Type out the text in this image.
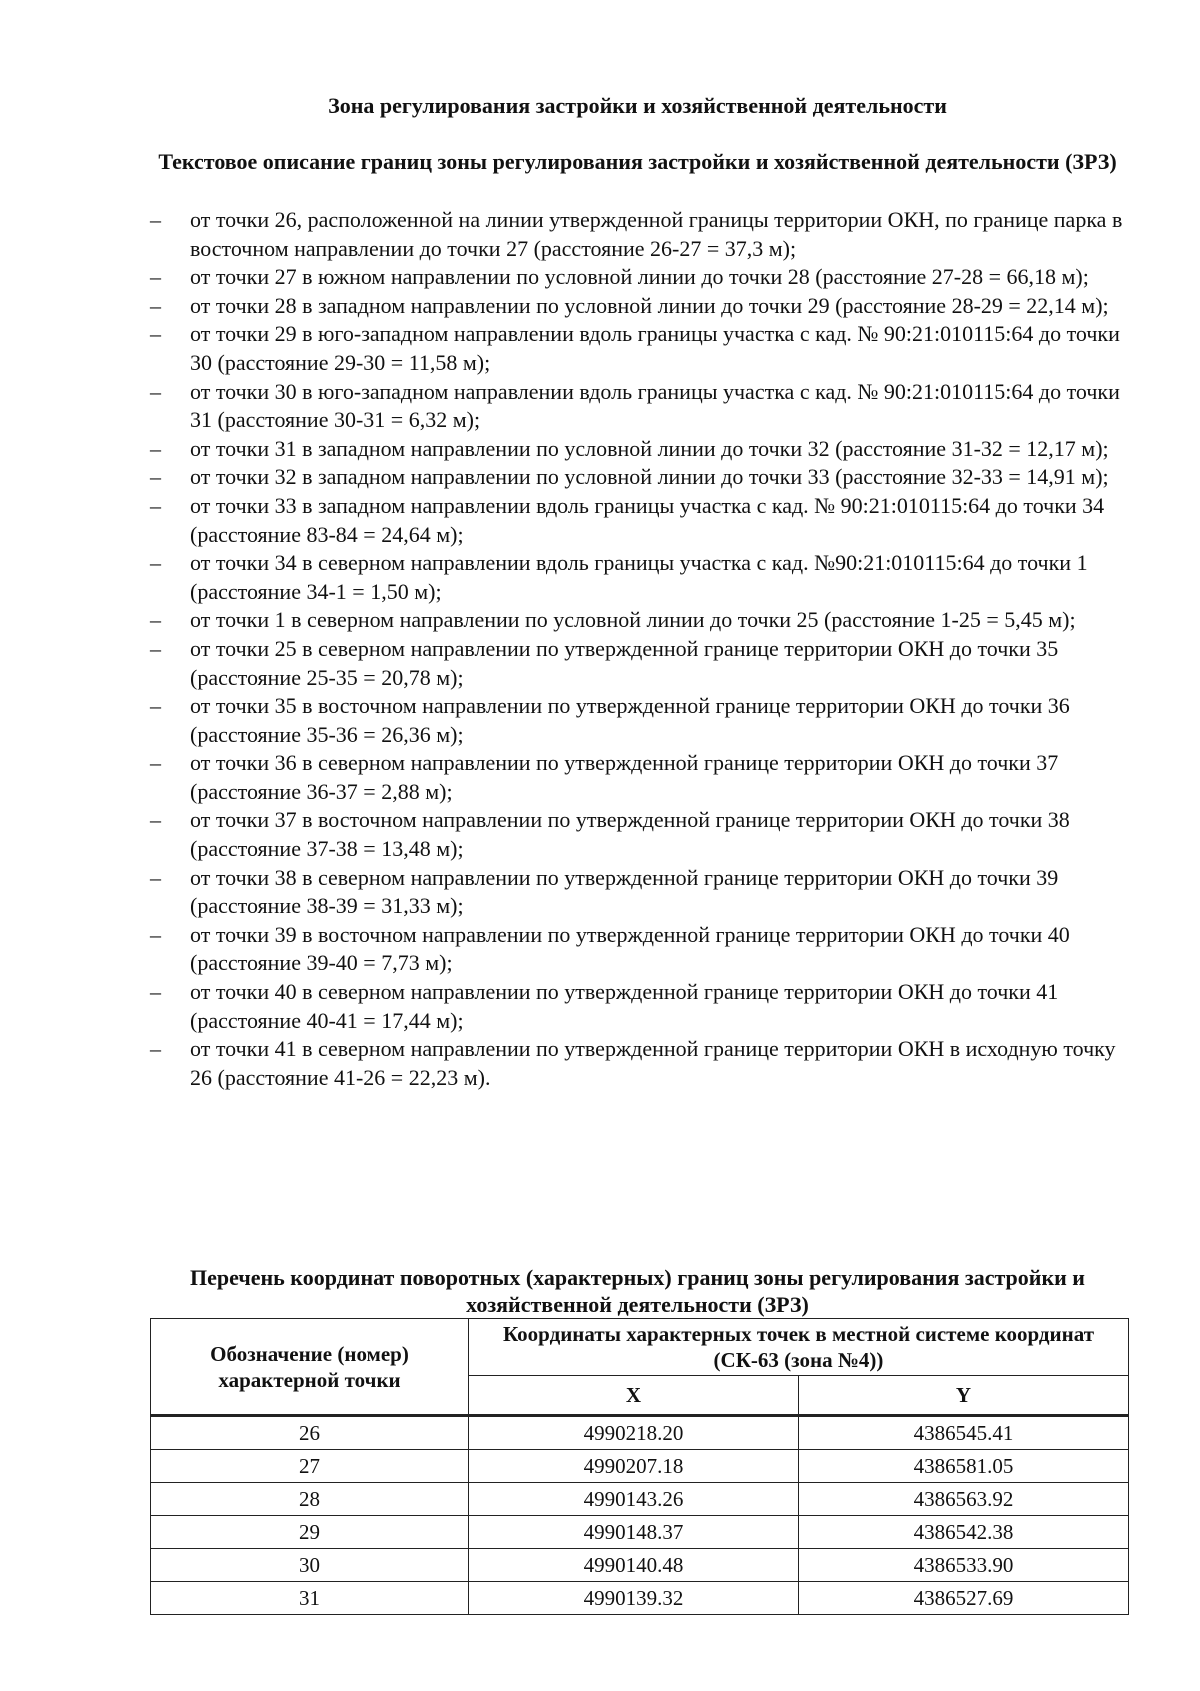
Зона регулирования застройки и хозяйственной деятельности
Текстовое описание границ зоны регулирования застройки и хозяйственной деятельности (ЗРЗ)
– от точки 26, расположенной на линии утвержденной границы территории ОКН, по границе парка в восточном направлении до точки 27 (расстояние 26-27 = 37,3 м);
– от точки 27 в южном направлении по условной линии до точки 28 (расстояние 27-28 = 66,18 м);
– от точки 28 в западном направлении по условной линии до точки 29 (расстояние 28-29 = 22,14 м);
– от точки 29 в юго-западном направлении вдоль границы участка с кад. № 90:21:010115:64 до точки 30 (расстояние 29-30 = 11,58 м);
– от точки 30 в юго-западном направлении вдоль границы участка с кад. № 90:21:010115:64 до точки 31 (расстояние 30-31 = 6,32 м);
– от точки 31 в западном направлении по условной линии до точки 32 (расстояние 31-32 = 12,17 м);
– от точки 32 в западном направлении по условной линии до точки 33 (расстояние 32-33 = 14,91 м);
– от точки 33 в западном направлении вдоль границы участка с кад. № 90:21:010115:64 до точки 34 (расстояние 83-84 = 24,64 м);
– от точки 34 в северном направлении вдоль границы участка с кад. №90:21:010115:64 до точки 1 (расстояние 34-1 = 1,50 м);
– от точки 1 в северном направлении по условной линии до точки 25 (расстояние 1-25 = 5,45 м);
– от точки 25 в северном направлении по утвержденной границе территории ОКН до точки 35 (расстояние 25-35 = 20,78 м);
– от точки 35 в восточном направлении по утвержденной границе территории ОКН до точки 36 (расстояние 35-36 = 26,36 м);
– от точки 36 в северном направлении по утвержденной границе территории ОКН до точки 37 (расстояние 36-37 = 2,88 м);
– от точки 37 в восточном направлении по утвержденной границе территории ОКН до точки 38 (расстояние 37-38 = 13,48 м);
– от точки 38 в северном направлении по утвержденной границе территории ОКН до точки 39 (расстояние 38-39 = 31,33 м);
– от точки 39 в восточном направлении по утвержденной границе территории ОКН до точки 40 (расстояние 39-40 = 7,73 м);
– от точки 40 в северном направлении по утвержденной границе территории ОКН до точки 41 (расстояние 40-41 = 17,44 м);
– от точки 41 в северном направлении по утвержденной границе территории ОКН в исходную точку 26 (расстояние 41-26 = 22,23 м).
Перечень координат поворотных (характерных) границ зоны регулирования застройки и хозяйственной деятельности (ЗРЗ)
Обозначение (номер) характерной точки	Координаты характерных точек в местной системе координат (СК-63 (зона №4))	
	X	Y
26	4990218.20	4386545.41
27	4990207.18	4386581.05
28	4990143.26	4386563.92
29	4990148.37	4386542.38
30	4990140.48	4386533.90
31	4990139.32	4386527.69
